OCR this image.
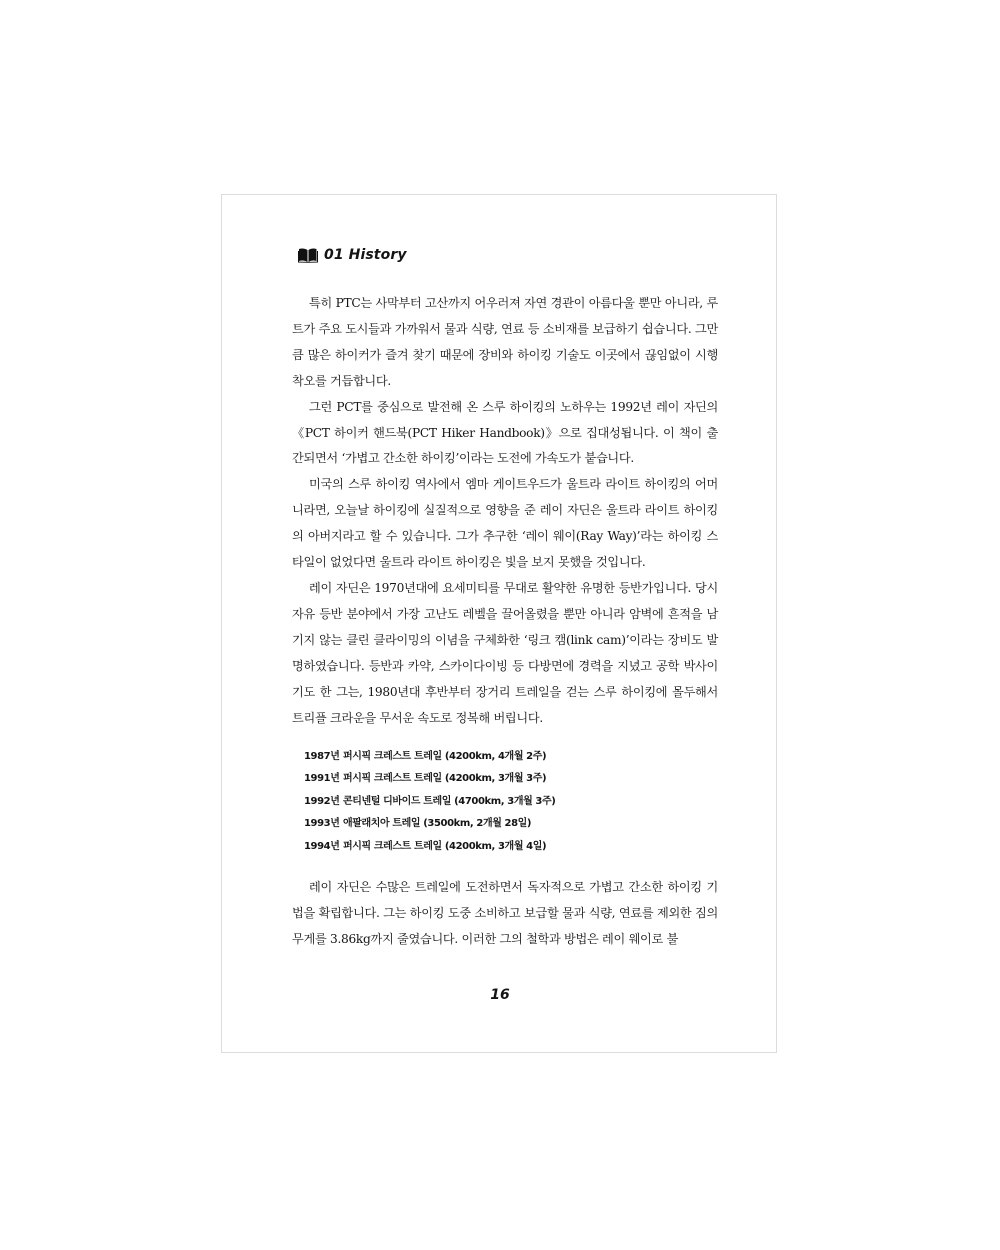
01 History

특히 PTC는 사막부터 고산까지 어우러져 자연 경관이 아름다울 뿐만 아니라, 루트가 주요 도시들과 가까워서 물과 식량, 연료 등 소비재를 보급하기 쉽습니다. 그만큼 많은 하이커가 즐겨 찾기 때문에 장비와 하이킹 기술도 이곳에서 끊임없이 시행착오를 거듭합니다.

그런 PCT를 중심으로 발전해 온 스루 하이킹의 노하우는 1992년 레이 자딘의 《PCT 하이커 핸드북(PCT Hiker Handbook)》으로 집대성됩니다. 이 책이 출간되면서 ‘가볍고 간소한 하이킹’이라는 도전에 가속도가 붙습니다.

미국의 스루 하이킹 역사에서 엠마 게이트우드가 울트라 라이트 하이킹의 어머니라면, 오늘날 하이킹에 실질적으로 영향을 준 레이 자딘은 울트라 라이트 하이킹의 아버지라고 할 수 있습니다. 그가 추구한 ‘레이 웨이(Ray Way)’라는 하이킹 스타일이 없었다면 울트라 라이트 하이킹은 빛을 보지 못했을 것입니다.

레이 자딘은 1970년대에 요세미티를 무대로 활약한 유명한 등반가입니다. 당시 자유 등반 분야에서 가장 고난도 레벨을 끌어올렸을 뿐만 아니라 암벽에 흔적을 남기지 않는 클린 클라이밍의 이념을 구체화한 ‘링크 캠(link cam)’이라는 장비도 발명하였습니다. 등반과 카약, 스카이다이빙 등 다방면에 경력을 지녔고 공학 박사이기도 한 그는, 1980년대 후반부터 장거리 트레일을 걷는 스루 하이킹에 몰두해서 트리플 크라운을 무서운 속도로 정복해 버립니다.

1987년 퍼시픽 크레스트 트레일 (4200km, 4개월 2주)
1991년 퍼시픽 크레스트 트레일 (4200km, 3개월 3주)
1992년 콘티넨털 디바이드 트레일 (4700km, 3개월 3주)
1993년 애팔래치아 트레일 (3500km, 2개월 28일)
1994년 퍼시픽 크레스트 트레일 (4200km, 3개월 4일)

레이 자딘은 수많은 트레일에 도전하면서 독자적으로 가볍고 간소한 하이킹 기법을 확립합니다. 그는 하이킹 도중 소비하고 보급할 물과 식량, 연료를 제외한 짐의 무게를 3.86kg까지 줄였습니다. 이러한 그의 철학과 방법은 레이 웨이로 불

16
